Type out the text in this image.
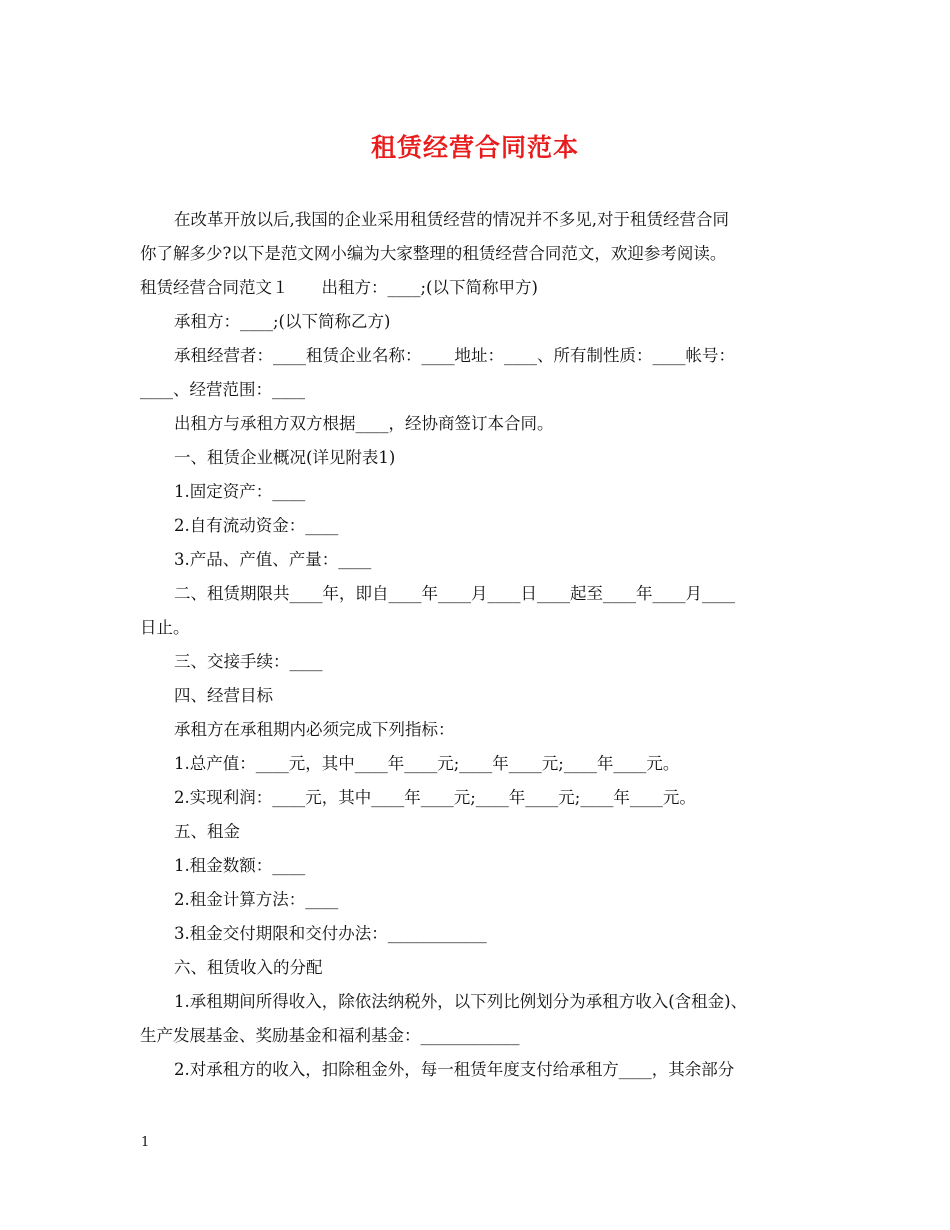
租赁经营合同范本
在改革开放以后,我国的企业采用租赁经营的情况并不多见,对于租赁经营合同
你了解多少?以下是范文网小编为大家整理的租赁经营合同范文，欢迎参考阅读。
租赁经营合同范文１　　出租方：____;(以下简称甲方)
承租方：____;(以下简称乙方)
承租经营者：____租赁企业名称：____地址：____、所有制性质：____帐号：
____、经营范围：____
出租方与承租方双方根据____，经协商签订本合同。
一、租赁企业概况(详见附表1)
1.固定资产：____
2.自有流动资金：____
3.产品、产值、产量：____
二、租赁期限共____年，即自____年____月____日____起至____年____月____
日止。
三、交接手续：____
四、经营目标
承租方在承租期内必须完成下列指标：
1.总产值：____元，其中____年____元;____年____元;____年____元。
2.实现利润：____元，其中____年____元;____年____元;____年____元。
五、租金
1.租金数额：____
2.租金计算方法：____
3.租金交付期限和交付办法：____________
六、租赁收入的分配
1.承租期间所得收入，除依法纳税外，以下列比例划分为承租方收入(含租金)、
生产发展基金、奖励基金和福利基金：____________
2.对承租方的收入，扣除租金外，每一租赁年度支付给承租方____，其余部分
1
